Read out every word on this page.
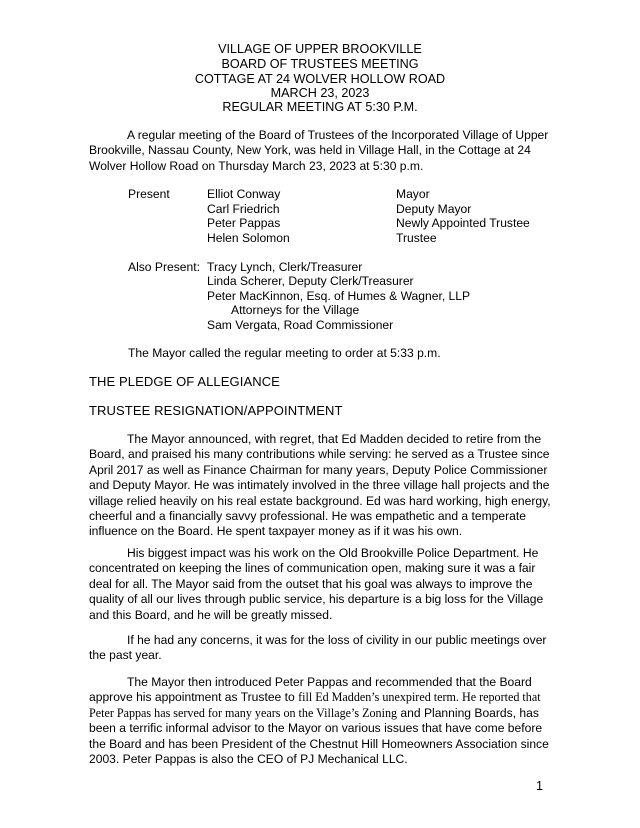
VILLAGE OF UPPER BROOKVILLE
BOARD OF TRUSTEES MEETING
COTTAGE AT 24 WOLVER HOLLOW ROAD
MARCH 23, 2023
REGULAR MEETING AT 5:30 P.M.

A regular meeting of the Board of Trustees of the Incorporated Village of Upper Brookville, Nassau County, New York, was held in Village Hall, in the Cottage at 24 Wolver Hollow Road on Thursday March 23, 2023 at 5:30 p.m.

Present	Elliot Conway	Mayor
Carl Friedrich	Deputy Mayor
Peter Pappas	Newly Appointed Trustee
Helen Solomon	Trustee
Also Present: Tracy Lynch, Clerk/Treasurer
Linda Scherer, Deputy Clerk/Treasurer
Peter MacKinnon, Esq. of Humes & Wagner, LLP
Attorneys for the Village
Sam Vergata, Road Commissioner
The Mayor called the regular meeting to order at 5:33 p.m.
THE PLEDGE OF ALLEGIANCE
TRUSTEE RESIGNATION/APPOINTMENT

The Mayor announced, with regret, that Ed Madden decided to retire from the Board, and praised his many contributions while serving: he served as a Trustee since April 2017 as well as Finance Chairman for many years, Deputy Police Commissioner and Deputy Mayor. He was intimately involved in the three village hall projects and the village relied heavily on his real estate background. Ed was hard working, high energy, cheerful and a financially savvy professional. He was empathetic and a temperate influence on the Board. He spent taxpayer money as if it was his own.

His biggest impact was his work on the Old Brookville Police Department. He concentrated on keeping the lines of communication open, making sure it was a fair deal for all. The Mayor said from the outset that his goal was always to improve the quality of all our lives through public service, his departure is a big loss for the Village and this Board, and he will be greatly missed.

If he had any concerns, it was for the loss of civility in our public meetings over the past year.

The Mayor then introduced Peter Pappas and recommended that the Board approve his appointment as Trustee to fill Ed Madden’s unexpired term. He reported that Peter Pappas has served for many years on the Village’s Zoning and Planning Boards, has been a terrific informal advisor to the Mayor on various issues that have come before the Board and has been President of the Chestnut Hill Homeowners Association since 2003. Peter Pappas is also the CEO of PJ Mechanical LLC.

1
